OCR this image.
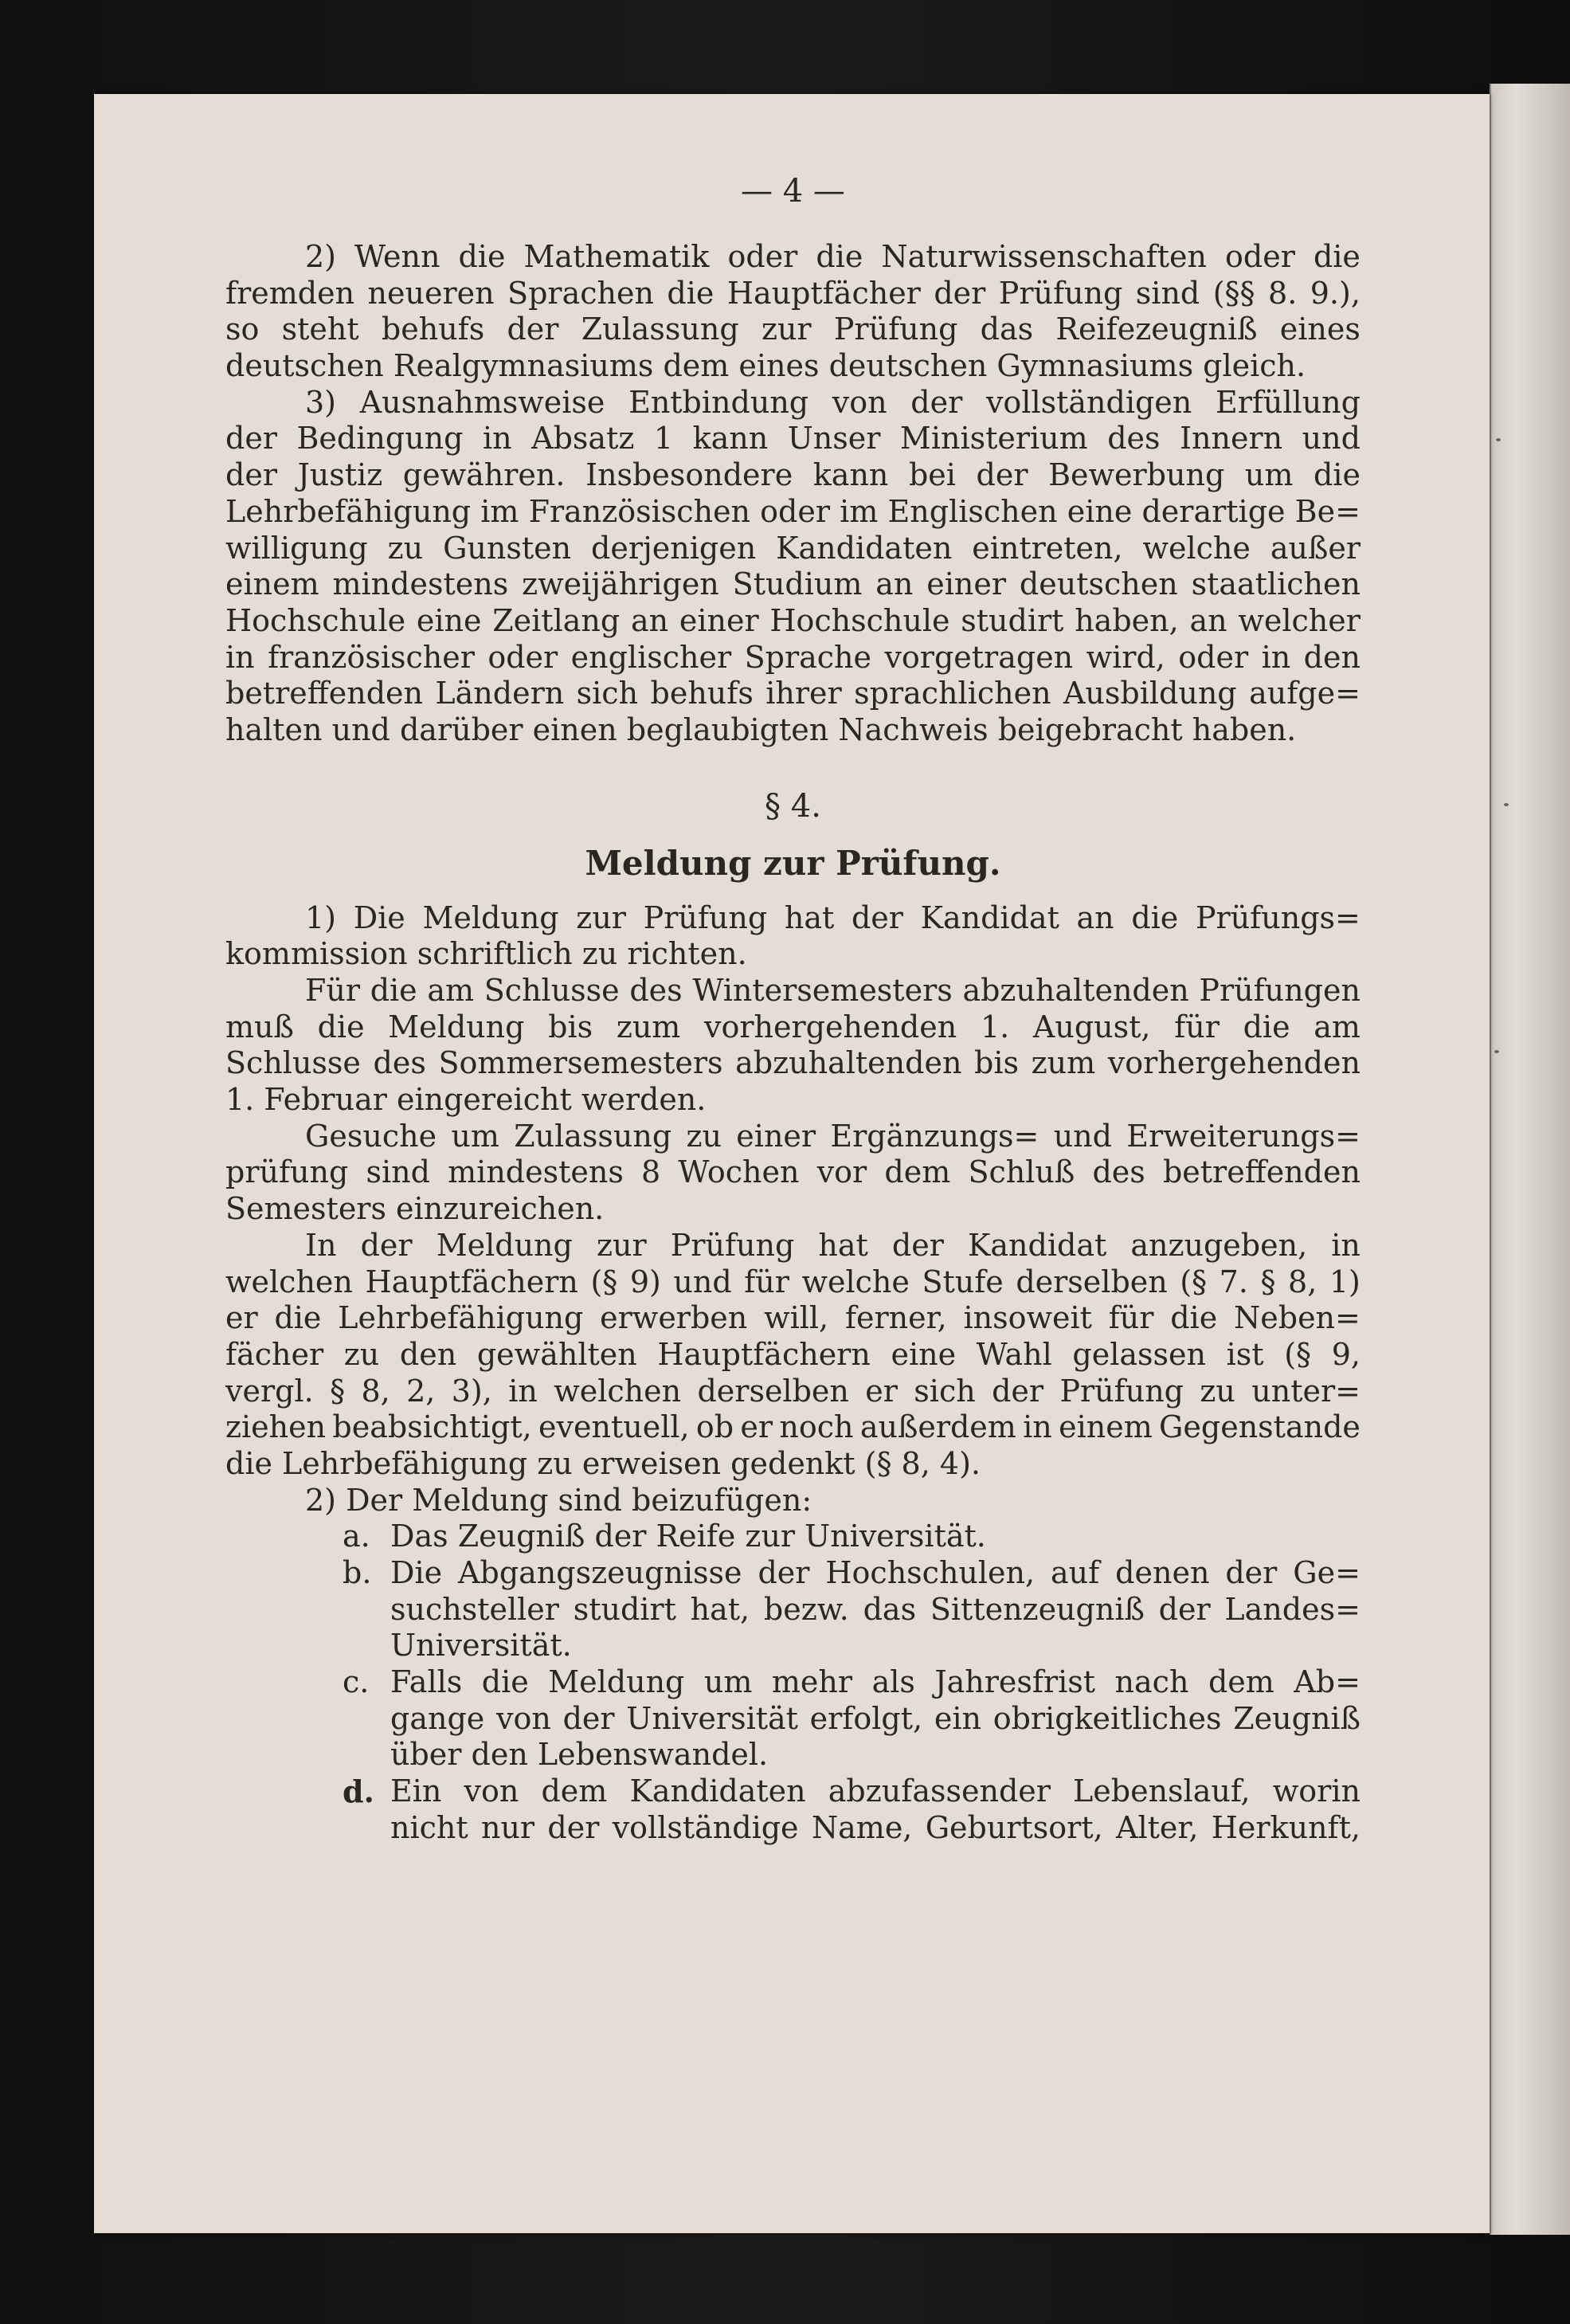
— 4 —
2) Wenn die Mathematik oder die Naturwissenschaften oder die
fremden neueren Sprachen die Hauptfächer der Prüfung sind (§§ 8. 9.),
so steht behufs der Zulassung zur Prüfung das Reifezeugniß eines
deutschen Realgymnasiums dem eines deutschen Gymnasiums gleich.
3) Ausnahmsweise Entbindung von der vollständigen Erfüllung
der Bedingung in Absatz 1 kann Unser Ministerium des Innern und
der Justiz gewähren. Insbesondere kann bei der Bewerbung um die
Lehrbefähigung im Französischen oder im Englischen eine derartige Be=
willigung zu Gunsten derjenigen Kandidaten eintreten, welche außer
einem mindestens zweijährigen Studium an einer deutschen staatlichen
Hochschule eine Zeitlang an einer Hochschule studirt haben, an welcher
in französischer oder englischer Sprache vorgetragen wird, oder in den
betreffenden Ländern sich behufs ihrer sprachlichen Ausbildung aufge=
halten und darüber einen beglaubigten Nachweis beigebracht haben.
§ 4.
Meldung zur Prüfung.
1) Die Meldung zur Prüfung hat der Kandidat an die Prüfungs=
kommission schriftlich zu richten.
Für die am Schlusse des Wintersemesters abzuhaltenden Prüfungen
muß die Meldung bis zum vorhergehenden 1. August, für die am
Schlusse des Sommersemesters abzuhaltenden bis zum vorhergehenden
1. Februar eingereicht werden.
Gesuche um Zulassung zu einer Ergänzungs= und Erweiterungs=
prüfung sind mindestens 8 Wochen vor dem Schluß des betreffenden
Semesters einzureichen.
In der Meldung zur Prüfung hat der Kandidat anzugeben, in
welchen Hauptfächern (§ 9) und für welche Stufe derselben (§ 7. § 8, 1)
er die Lehrbefähigung erwerben will, ferner, insoweit für die Neben=
fächer zu den gewählten Hauptfächern eine Wahl gelassen ist (§ 9,
vergl. § 8, 2, 3), in welchen derselben er sich der Prüfung zu unter=
ziehen beabsichtigt, eventuell, ob er noch außerdem in einem Gegenstande
die Lehrbefähigung zu erweisen gedenkt (§ 8, 4).
2) Der Meldung sind beizufügen:
a. Das Zeugniß der Reife zur Universität.
b. Die Abgangszeugnisse der Hochschulen, auf denen der Ge=
suchsteller studirt hat, bezw. das Sittenzeugniß der Landes=
Universität.
c. Falls die Meldung um mehr als Jahresfrist nach dem Ab=
gange von der Universität erfolgt, ein obrigkeitliches Zeugniß
über den Lebenswandel.
d. Ein von dem Kandidaten abzufassender Lebenslauf, worin
nicht nur der vollständige Name, Geburtsort, Alter, Herkunft,
